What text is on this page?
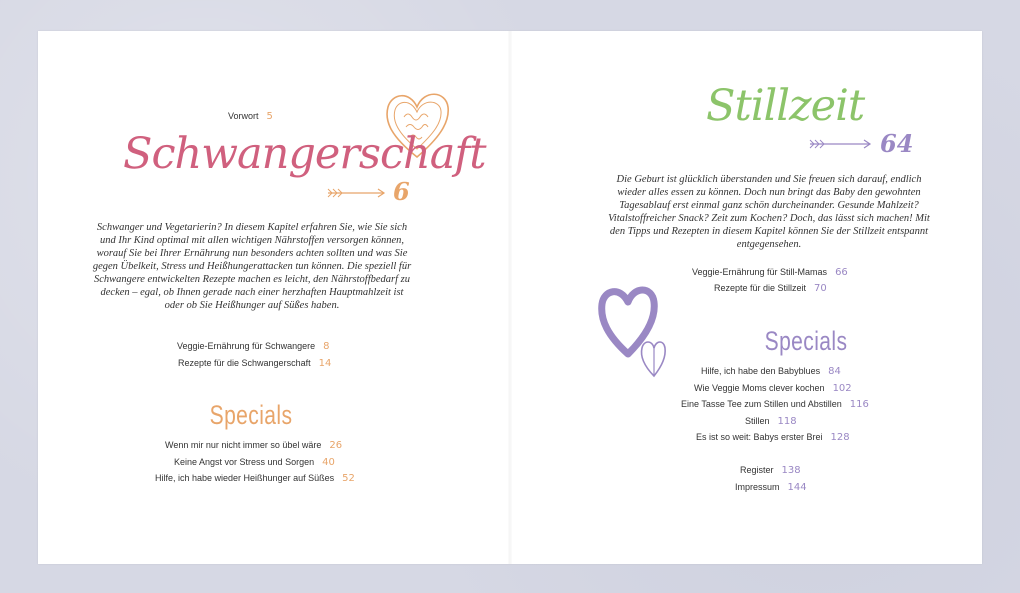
Vorwort 5
Schwangerschaft
6
Schwanger und Vegetarierin? In diesem Kapitel erfahren Sie, wie Sie sich und Ihr Kind optimal mit allen wichtigen Nährstoffen versorgen können, worauf Sie bei Ihrer Ernährung nun besonders achten sollten und was Sie gegen Übelkeit, Stress und Heißhungerattacken tun können. Die speziell für Schwangere entwickelten Rezepte machen es leicht, den Nährstoffbedarf zu decken – egal, ob Ihnen gerade nach einer herzhaften Hauptmahlzeit ist oder ob Sie Heißhunger auf Süßes haben.
Veggie-Ernährung für Schwangere 8
Rezepte für die Schwangerschaft 14
Specials
Wenn mir nur nicht immer so übel wäre 26
Keine Angst vor Stress und Sorgen 40
Hilfe, ich habe wieder Heißhunger auf Süßes 52
Stillzeit
64
Die Geburt ist glücklich überstanden und Sie freuen sich darauf, endlich wieder alles essen zu können. Doch nun bringt das Baby den gewohnten Tagesablauf erst einmal ganz schön durcheinander. Gesunde Mahlzeit? Vitalstoffreicher Snack? Zeit zum Kochen? Doch, das lässt sich machen! Mit den Tipps und Rezepten in diesem Kapitel können Sie der Stillzeit entspannt entgegensehen.
Veggie-Ernährung für Still-Mamas 66
Rezepte für die Stillzeit 70
Specials
Hilfe, ich habe den Babyblues 84
Wie Veggie Moms clever kochen 102
Eine Tasse Tee zum Stillen und Abstillen 116
Stillen 118
Es ist so weit: Babys erster Brei 128
Register 138
Impressum 144
